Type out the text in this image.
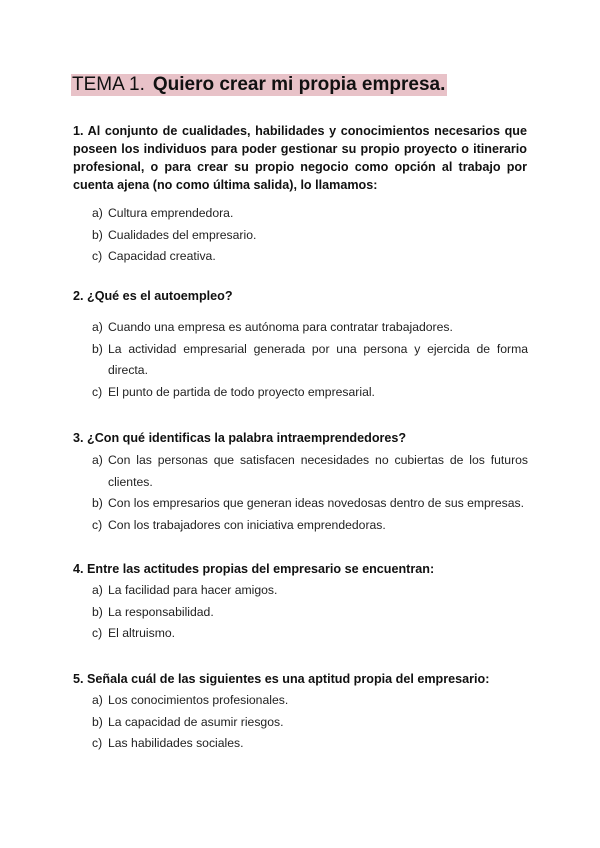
TEMA 1. Quiero crear mi propia empresa.

1. Al conjunto de cualidades, habilidades y conocimientos necesarios que poseen los individuos para poder gestionar su propio proyecto o itinerario profesional, o para crear su propio negocio como opción al trabajo por cuenta ajena (no como última salida), lo llamamos:

a) Cultura emprendedora.
b) Cualidades del empresario.
c) Capacidad creativa.

2. ¿Qué es el autoempleo?

a) Cuando una empresa es autónoma para contratar trabajadores.
b) La actividad empresarial generada por una persona y ejercida de forma directa.
c) El punto de partida de todo proyecto empresarial.

3. ¿Con qué identificas la palabra intraemprendedores?

a) Con las personas que satisfacen necesidades no cubiertas de los futuros clientes.
b) Con los empresarios que generan ideas novedosas dentro de sus empresas.
c) Con los trabajadores con iniciativa emprendedoras.

4. Entre las actitudes propias del empresario se encuentran:

a) La facilidad para hacer amigos.
b) La responsabilidad.
c) El altruismo.

5. Señala cuál de las siguientes es una aptitud propia del empresario:

a) Los conocimientos profesionales.
b) La capacidad de asumir riesgos.
c) Las habilidades sociales.
